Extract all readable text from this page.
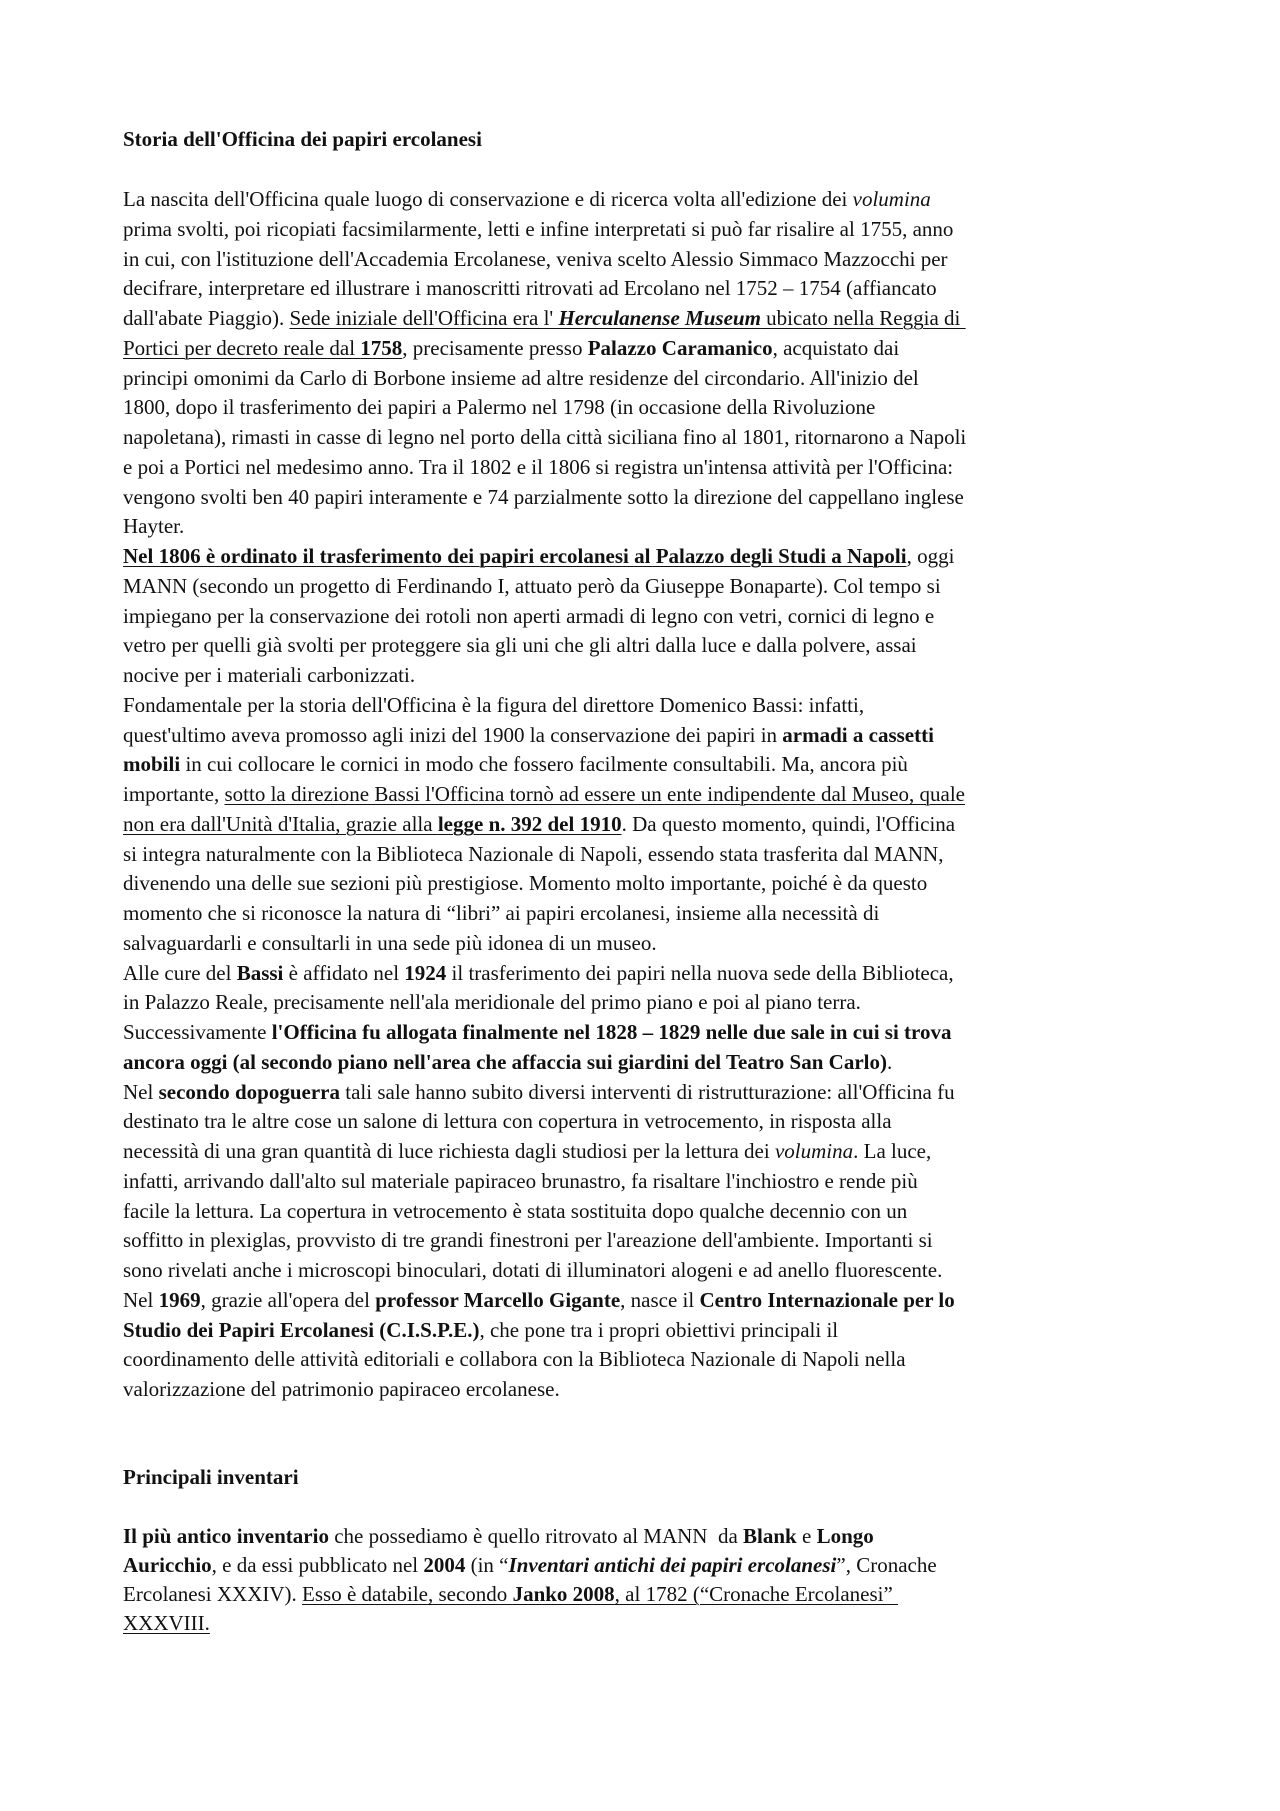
Storia dell'Officina dei papiri ercolanesi
La nascita dell'Officina quale luogo di conservazione e di ricerca volta all'edizione dei volumina
prima svolti, poi ricopiati facsimilarmente, letti e infine interpretati si può far risalire al 1755, anno
in cui, con l'istituzione dell'Accademia Ercolanese, veniva scelto Alessio Simmaco Mazzocchi per
decifrare, interpretare ed illustrare i manoscritti ritrovati ad Ercolano nel 1752 – 1754 (affiancato
dall'abate Piaggio). Sede iniziale dell'Officina era l' Herculanense Museum ubicato nella Reggia di
Portici per decreto reale dal 1758, precisamente presso Palazzo Caramanico, acquistato dai
principi omonimi da Carlo di Borbone insieme ad altre residenze del circondario. All'inizio del
1800, dopo il trasferimento dei papiri a Palermo nel 1798 (in occasione della Rivoluzione
napoletana), rimasti in casse di legno nel porto della città siciliana fino al 1801, ritornarono a Napoli
e poi a Portici nel medesimo anno. Tra il 1802 e il 1806 si registra un'intensa attività per l'Officina:
vengono svolti ben 40 papiri interamente e 74 parzialmente sotto la direzione del cappellano inglese
Hayter.
Nel 1806 è ordinato il trasferimento dei papiri ercolanesi al Palazzo degli Studi a Napoli, oggi
MANN (secondo un progetto di Ferdinando I, attuato però da Giuseppe Bonaparte). Col tempo si
impiegano per la conservazione dei rotoli non aperti armadi di legno con vetri, cornici di legno e
vetro per quelli già svolti per proteggere sia gli uni che gli altri dalla luce e dalla polvere, assai
nocive per i materiali carbonizzati.
Fondamentale per la storia dell'Officina è la figura del direttore Domenico Bassi: infatti,
quest'ultimo aveva promosso agli inizi del 1900 la conservazione dei papiri in armadi a cassetti
mobili in cui collocare le cornici in modo che fossero facilmente consultabili. Ma, ancora più
importante, sotto la direzione Bassi l'Officina tornò ad essere un ente indipendente dal Museo, quale
non era dall'Unità d'Italia, grazie alla legge n. 392 del 1910. Da questo momento, quindi, l'Officina
si integra naturalmente con la Biblioteca Nazionale di Napoli, essendo stata trasferita dal MANN,
divenendo una delle sue sezioni più prestigiose. Momento molto importante, poiché è da questo
momento che si riconosce la natura di “libri” ai papiri ercolanesi, insieme alla necessità di
salvaguardarli e consultarli in una sede più idonea di un museo.
Alle cure del Bassi è affidato nel 1924 il trasferimento dei papiri nella nuova sede della Biblioteca,
in Palazzo Reale, precisamente nell'ala meridionale del primo piano e poi al piano terra.
Successivamente l'Officina fu allogata finalmente nel 1828 – 1829 nelle due sale in cui si trova
ancora oggi (al secondo piano nell'area che affaccia sui giardini del Teatro San Carlo).
Nel secondo dopoguerra tali sale hanno subito diversi interventi di ristrutturazione: all'Officina fu
destinato tra le altre cose un salone di lettura con copertura in vetrocemento, in risposta alla
necessità di una gran quantità di luce richiesta dagli studiosi per la lettura dei volumina. La luce,
infatti, arrivando dall'alto sul materiale papiraceo brunastro, fa risaltare l'inchiostro e rende più
facile la lettura. La copertura in vetrocemento è stata sostituita dopo qualche decennio con un
soffitto in plexiglas, provvisto di tre grandi finestroni per l'areazione dell'ambiente. Importanti si
sono rivelati anche i microscopi binoculari, dotati di illuminatori alogeni e ad anello fluorescente.
Nel 1969, grazie all'opera del professor Marcello Gigante, nasce il Centro Internazionale per lo
Studio dei Papiri Ercolanesi (C.I.S.P.E.), che pone tra i propri obiettivi principali il
coordinamento delle attività editoriali e collabora con la Biblioteca Nazionale di Napoli nella
valorizzazione del patrimonio papiraceo ercolanese.
Principali inventari
Il più antico inventario che possediamo è quello ritrovato al MANN  da Blank e Longo
Auricchio, e da essi pubblicato nel 2004 (in “Inventari antichi dei papiri ercolanesi”, Cronache
Ercolanesi XXXIV). Esso è databile, secondo Janko 2008, al 1782 (“Cronache Ercolanesi”
XXXVIII.
